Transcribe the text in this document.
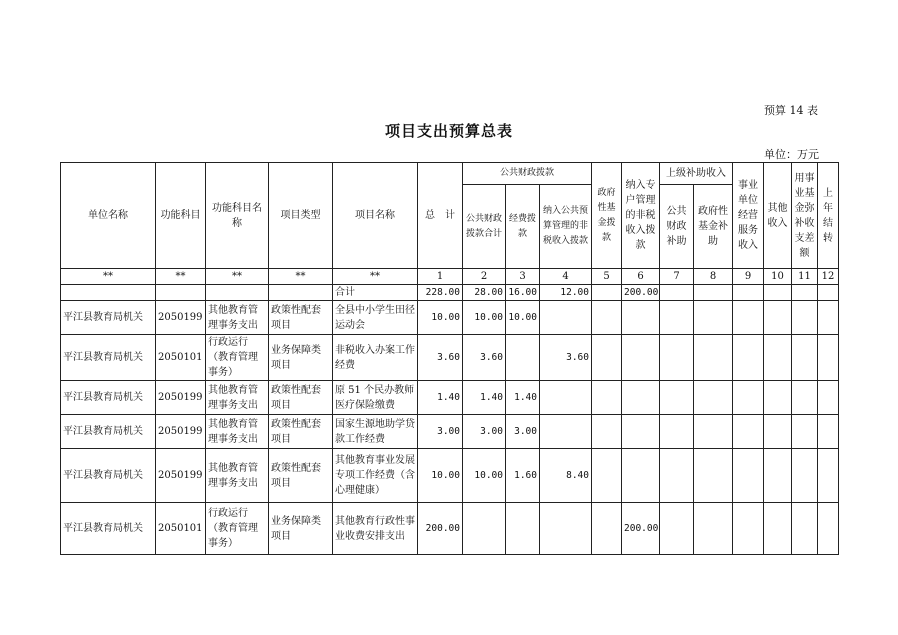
预算 14 表
项目支出预算总表
单位：万元
单位名称	功能科目	功能科目名称	项目类型	项目名称	总　计	公共财政拨款			政府性基金拨款	纳入专户管理的非税收入拨款	上级补助收入		事业单位经营服务收入	其他收入	用事业基金弥补收支差额	上年结转
						公共财政拨款合计	经费拨款	纳入公共预算管理的非税收入拨款			公共财政补助	政府性基金补助				
**	**	**	**	**	1	2	3	4	5	6	7	8	9	10	11	12
				合计	228.00	28.00	16.00	12.00		200.00						
平江县教育局机关	2050199	其他教育管理事务支出	政策性配套项目	全县中小学生田径运动会	10.00	10.00	10.00									
平江县教育局机关	2050101	行政运行（教育管理事务）	业务保障类项目	非税收入办案工作经费	3.60	3.60		3.60								
平江县教育局机关	2050199	其他教育管理事务支出	政策性配套项目	原 51 个民办教师医疗保险缴费	1.40	1.40	1.40									
平江县教育局机关	2050199	其他教育管理事务支出	政策性配套项目	国家生源地助学贷款工作经费	3.00	3.00	3.00									
平江县教育局机关	2050199	其他教育管理事务支出	政策性配套项目	其他教育事业发展专项工作经费（含心理健康）	10.00	10.00	1.60	8.40								
平江县教育局机关	2050101	行政运行（教育管理事务）	业务保障类项目	其他教育行政性事业收费安排支出	200.00					200.00						
